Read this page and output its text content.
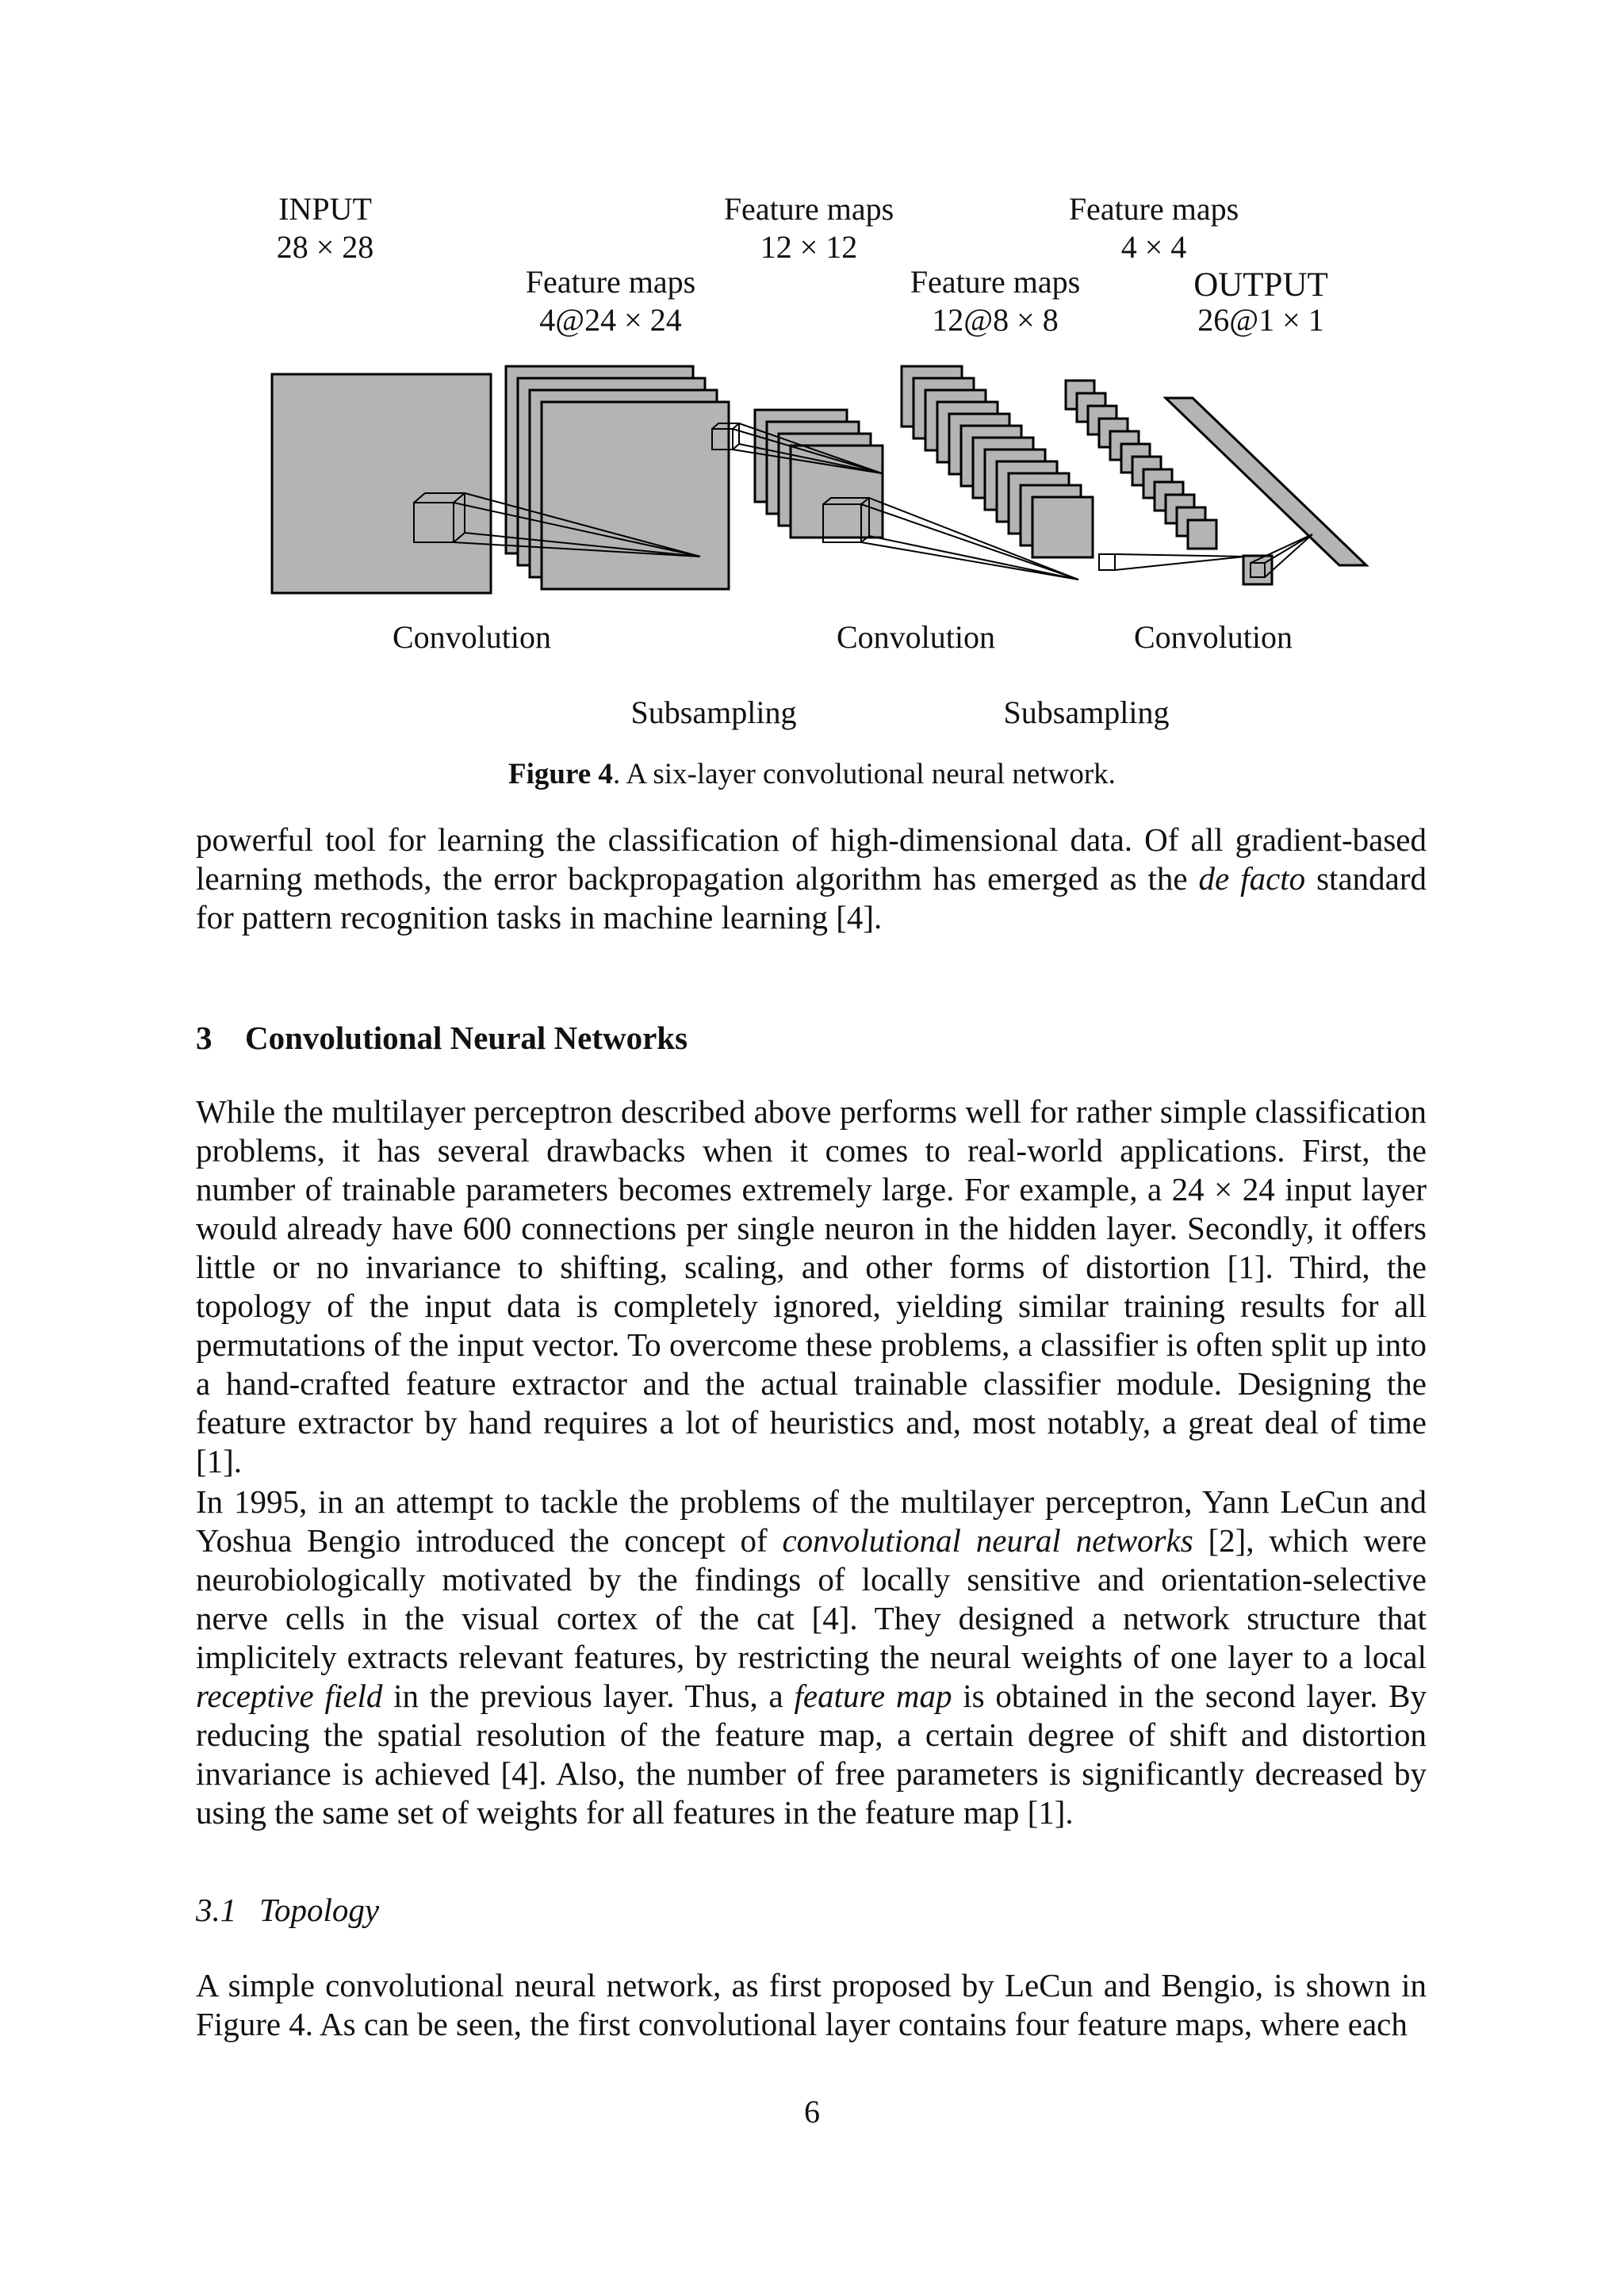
INPUT
28 × 28
Feature maps
4@24 × 24
Feature maps
12 × 12
Feature maps
12@8 × 8
Feature maps
4 × 4
OUTPUT
26@1 × 1
Convolution	Convolution	Convolution
Subsampling	Subsampling
Figure 4. A six-layer convolutional neural network.
powerful tool for learning the classification of high-dimensional data. Of all gradient-based learning methods, the error backpropagation algorithm has emerged as the de facto standard for pattern recognition tasks in machine learning [4].
3 Convolutional Neural Networks
While the multilayer perceptron described above performs well for rather simple classification problems, it has several drawbacks when it comes to real-world applications. First, the number of trainable parameters becomes extremely large. For example, a 24 × 24 input layer would already have 600 connections per single neuron in the hidden layer. Secondly, it offers little or no invariance to shifting, scaling, and other forms of distortion [1]. Third, the topology of the input data is completely ignored, yielding similar training results for all permutations of the input vector. To overcome these problems, a classifier is often split up into a hand-crafted feature extractor and the actual trainable classifier module. Designing the feature extractor by hand requires a lot of heuristics and, most notably, a great deal of time [1].
In 1995, in an attempt to tackle the problems of the multilayer perceptron, Yann LeCun and Yoshua Bengio introduced the concept of convolutional neural networks [2], which were neurobiologically motivated by the findings of locally sensitive and orientation-selective nerve cells in the visual cortex of the cat [4]. They designed a network structure that implicitely extracts relevant features, by restricting the neural weights of one layer to a local receptive field in the previous layer. Thus, a feature map is obtained in the second layer. By reducing the spatial resolution of the feature map, a certain degree of shift and distortion invariance is achieved [4]. Also, the number of free parameters is significantly decreased by using the same set of weights for all features in the feature map [1].
3.1 Topology
A simple convolutional neural network, as first proposed by LeCun and Bengio, is shown in Figure 4. As can be seen, the first convolutional layer contains four feature maps, where each
6
